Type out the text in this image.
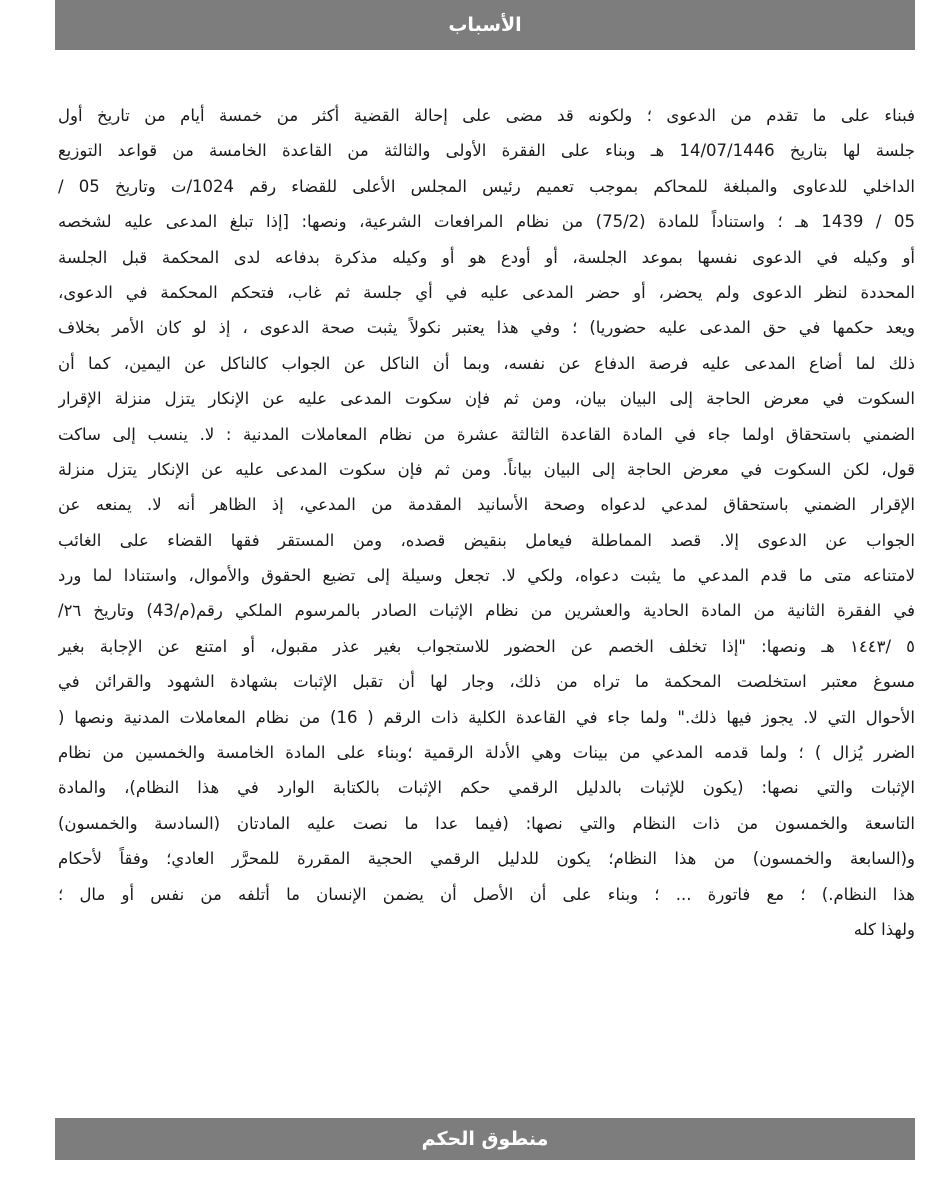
الأسباب
فبناء على ما تقدم من الدعوى ؛ ولكونه قد مضى على إحالة القضية أكثر من خمسة أيام من تاريخ أول
جلسة لها بتاريخ 14/07/1446 هـ وبناء على الفقرة الأولى والثالثة من القاعدة الخامسة من قواعد التوزيع
الداخلي للدعاوى والمبلغة للمحاكم بموجب تعميم رئيس المجلس الأعلى للقضاء رقم 1024/ت وتاريخ 05 /
05 / 1439 هـ ؛ واستناداً للمادة (75/2) من نظام المرافعات الشرعية، ونصها: [إذا تبلغ المدعى عليه لشخصه
أو وكيله في الدعوى نفسها بموعد الجلسة، أو أودع هو أو وكيله مذكرة بدفاعه لدى المحكمة قبل الجلسة
المحددة لنظر الدعوى ولم يحضر، أو حضر المدعى عليه في أي جلسة ثم غاب، فتحكم المحكمة في الدعوى،
ويعد حكمها في حق المدعى عليه حضوريا) ؛ وفي هذا يعتبر نكولاً يثبت صحة الدعوى ، إذ لو كان الأمر بخلاف
ذلك لما أضاع المدعى عليه فرصة الدفاع عن نفسه، وبما أن الناكل عن الجواب كالناكل عن اليمين، كما أن
السكوت في معرض الحاجة إلى البيان بيان، ومن ثم فإن سكوت المدعى عليه عن الإنكار يتزل منزلة الإقرار
الضمني باستحقاق اولما جاء في المادة القاعدة الثالثة عشرة من نظام المعاملات المدنية : لا. ينسب إلى ساكت
قول، لكن السكوت في معرض الحاجة إلى البيان بياناً. ومن ثم فإن سكوت المدعى عليه عن الإنكار يتزل منزلة
الإقرار الضمني باستحقاق لمدعي لدعواه وصحة الأسانيد المقدمة من المدعي، إذ الظاهر أنه لا. يمنعه عن
الجواب عن الدعوى إلا. قصد المماطلة فيعامل بنقيض قصده، ومن المستقر فقها القضاء على الغائب
لامتناعه متى ما قدم المدعي ما يثبت دعواه، ولكي لا. تجعل وسيلة إلى تضيع الحقوق والأموال، واستنادا لما ورد
في الفقرة الثانية من المادة الحادية والعشرين من نظام الإثبات الصادر بالمرسوم الملكي رقم(م/43) وتاريخ ٢٦/
٥ /١٤٤٣ هـ ونصها: "إذا تخلف الخصم عن الحضور للاستجواب بغير عذر مقبول، أو امتنع عن الإجابة بغير
مسوغ معتبر استخلصت المحكمة ما تراه من ذلك، وجار لها أن تقبل الإثبات بشهادة الشهود والقرائن في
الأحوال التي لا. يجوز فيها ذلك." ولما جاء في القاعدة الكلية ذات الرقم ( 16) من نظام المعاملات المدنية ونصها (
الضرر يُزال ) ؛ ولما قدمه المدعي من بينات وهي الأدلة الرقمية ؛وبناء على المادة الخامسة والخمسين من نظام
الإثبات والتي نصها: (يكون للإثبات بالدليل الرقمي حكم الإثبات بالكتابة الوارد في هذا النظام)، والمادة
التاسعة والخمسون من ذات النظام والتي نصها: (فيما عدا ما نصت عليه المادتان (السادسة والخمسون)
و(السابعة والخمسون) من هذا النظام؛ يكون للدليل الرقمي الحجية المقررة للمحرَّر العادي؛ وفقاً لأحكام
هذا النظام.) ؛ مع فاتورة ... ؛ وبناء على أن الأصل أن يضمن الإنسان ما أتلفه من نفس أو مال ؛
ولهذا كله
منطوق الحكم
